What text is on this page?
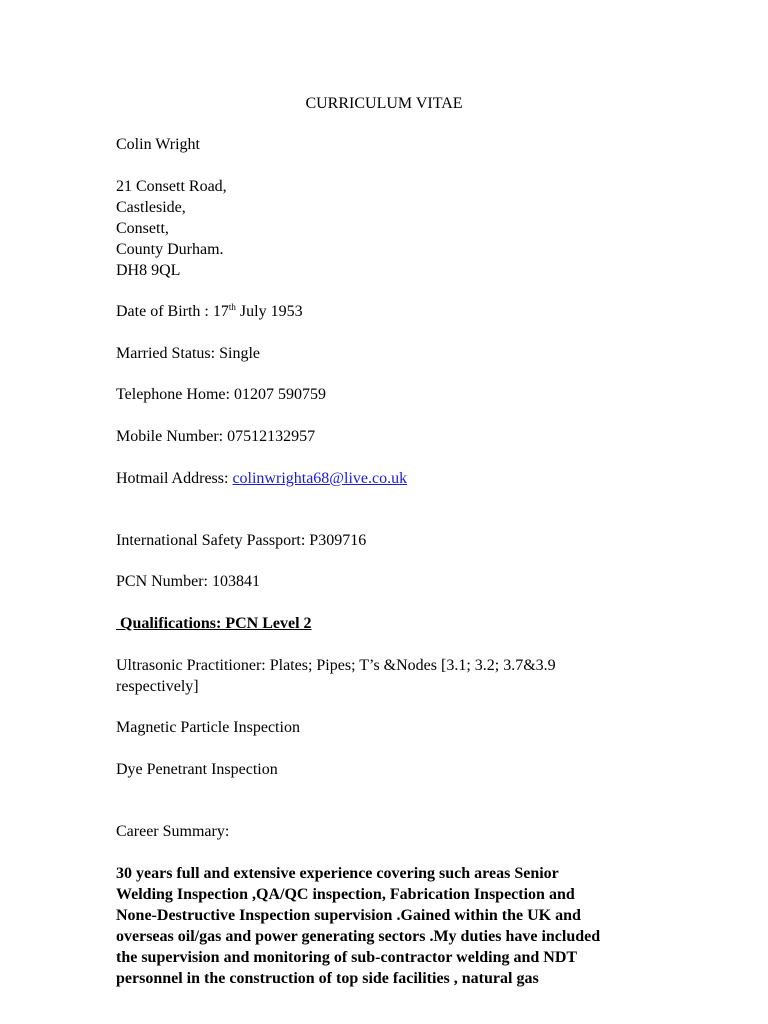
CURRICULUM VITAE
Colin Wright
21 Consett Road,
Castleside,
Consett,
County Durham.
DH8 9QL
Date of Birth : 17th July 1953
Married Status: Single
Telephone Home: 01207 590759
Mobile Number: 07512132957
Hotmail Address: colinwrighta68@live.co.uk
International Safety Passport: P309716
PCN Number: 103841
Qualifications: PCN Level 2
Ultrasonic Practitioner: Plates; Pipes; T’s &Nodes [3.1; 3.2; 3.7&3.9
respectively]
Magnetic Particle Inspection
Dye Penetrant Inspection
Career Summary:
30 years full and extensive experience covering such areas Senior
Welding Inspection ,QA/QC inspection, Fabrication Inspection and
None-Destructive Inspection supervision .Gained within the UK and
overseas oil/gas and power generating sectors .My duties have included
the supervision and monitoring of sub-contractor welding and NDT
personnel in the construction of top side facilities , natural gas
